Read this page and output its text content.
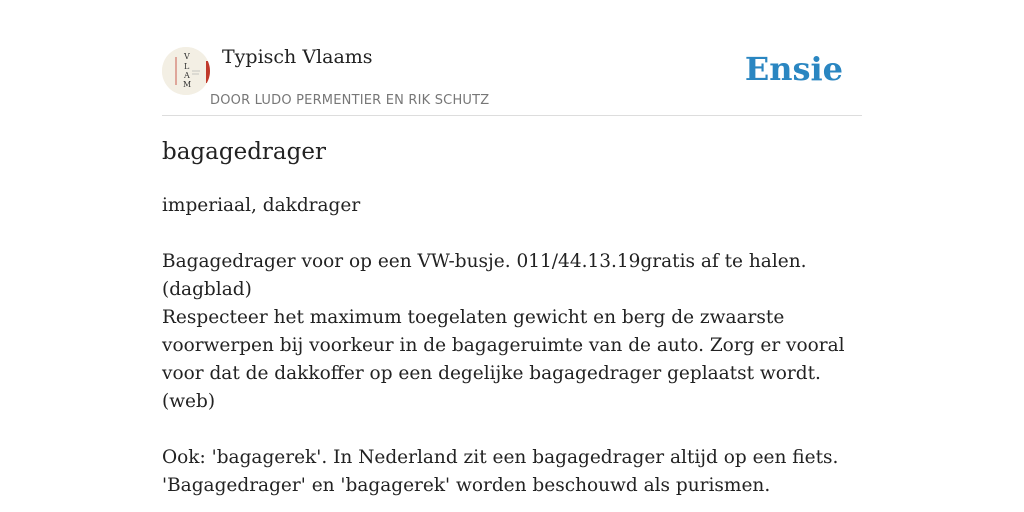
V
L
A
M
Typisch Vlaams
DOOR LUDO PERMENTIER EN RIK SCHUTZ
Ensie
bagagedrager

imperiaal, dakdrager

Bagagedrager voor op een VW-busje. 011/44.13.19gratis af te halen.

(dagblad)

Respecteer het maximum toegelaten gewicht en berg de zwaarste voorwerpen bij voorkeur in de bagageruimte van de auto. Zorg er vooral voor dat de dakkoffer op een degelijke bagagedrager geplaatst wordt.

(web)

Ook: 'bagagerek'. In Nederland zit een bagagedrager altijd op een fiets.

'Bagagedrager' en 'bagagerek' worden beschouwd als purismen.
